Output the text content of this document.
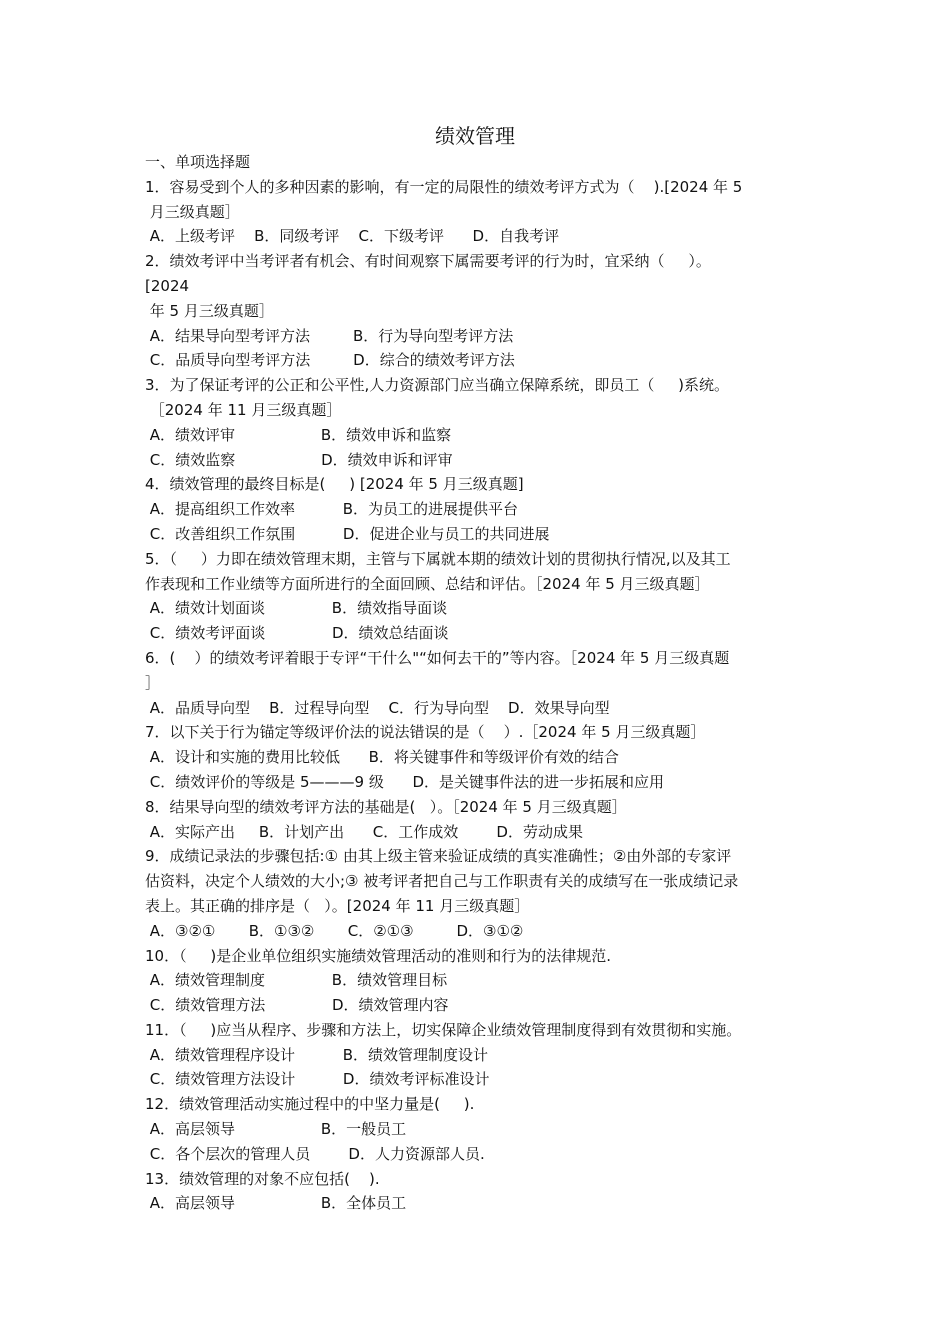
绩效管理
一、单项选择题
1．容易受到个人的多种因素的影响，有一定的局限性的绩效考评方式为（    ).[2024 年 5
月三级真题］
A．上级考评    B．同级考评    C．下级考评      D．自我考评
2．绩效考评中当考评者有机会、有时间观察下属需要考评的行为时，宜采纳（     ）。
[2024
年 5 月三级真题］
A．结果导向型考评方法         B．行为导向型考评方法
C．品质导向型考评方法         D．综合的绩效考评方法
3．为了保证考评的公正和公平性,人力资源部门应当确立保障系统，即员工（     )系统。
［2024 年 11 月三级真题］
A．绩效评审                  B．绩效申诉和监察
C．绩效监察                  D．绩效申诉和评审
4．绩效管理的最终目标是(     ) [2024 年 5 月三级真题]
A．提高组织工作效率          B．为员工的进展提供平台
C．改善组织工作氛围          D．促进企业与员工的共同进展
5．（     ）力即在绩效管理末期，主管与下属就本期的绩效计划的贯彻执行情况,以及其工
作表现和工作业绩等方面所进行的全面回顾、总结和评估。［2024 年 5 月三级真题］
A．绩效计划面谈              B．绩效指导面谈
C．绩效考评面谈              D．绩效总结面谈
6．(    ）的绩效考评着眼于专评“干什么"“如何去干的”等内容。［2024 年 5 月三级真题
］
A．品质导向型    B．过程导向型    C．行为导向型    D．效果导向型
7．以下关于行为锚定等级评价法的说法错误的是（    ）.［2024 年 5 月三级真题］
A．设计和实施的费用比较低      B．将关键事件和等级评价有效的结合
C．绩效评价的等级是 5———9 级      D．是关键事件法的进一步拓展和应用
8．结果导向型的绩效考评方法的基础是(   ）。［2024 年 5 月三级真题］
A．实际产出     B．计划产出      C．工作成效        D．劳动成果
9．成绩记录法的步骤包括:① 由其上级主管来验证成绩的真实准确性；②由外部的专家评
估资料，决定个人绩效的大小;③ 被考评者把自己与工作职责有关的成绩写在一张成绩记录
表上。其正确的排序是（   ）。[2024 年 11 月三级真题］
A．③②①       B．①③②       C．②①③         D．③①②
10．（     )是企业单位组织实施绩效管理活动的准则和行为的法律规范.
A．绩效管理制度              B．绩效管理目标
C．绩效管理方法              D．绩效管理内容
11．（     )应当从程序、步骤和方法上，切实保障企业绩效管理制度得到有效贯彻和实施。
A．绩效管理程序设计          B．绩效管理制度设计
C．绩效管理方法设计          D．绩效考评标准设计
12．绩效管理活动实施过程中的中坚力量是(     ).
A．高层领导                  B．一般员工
C．各个层次的管理人员        D．人力资源部人员.
13．绩效管理的对象不应包括(    ).
A．高层领导                  B．全体员工
